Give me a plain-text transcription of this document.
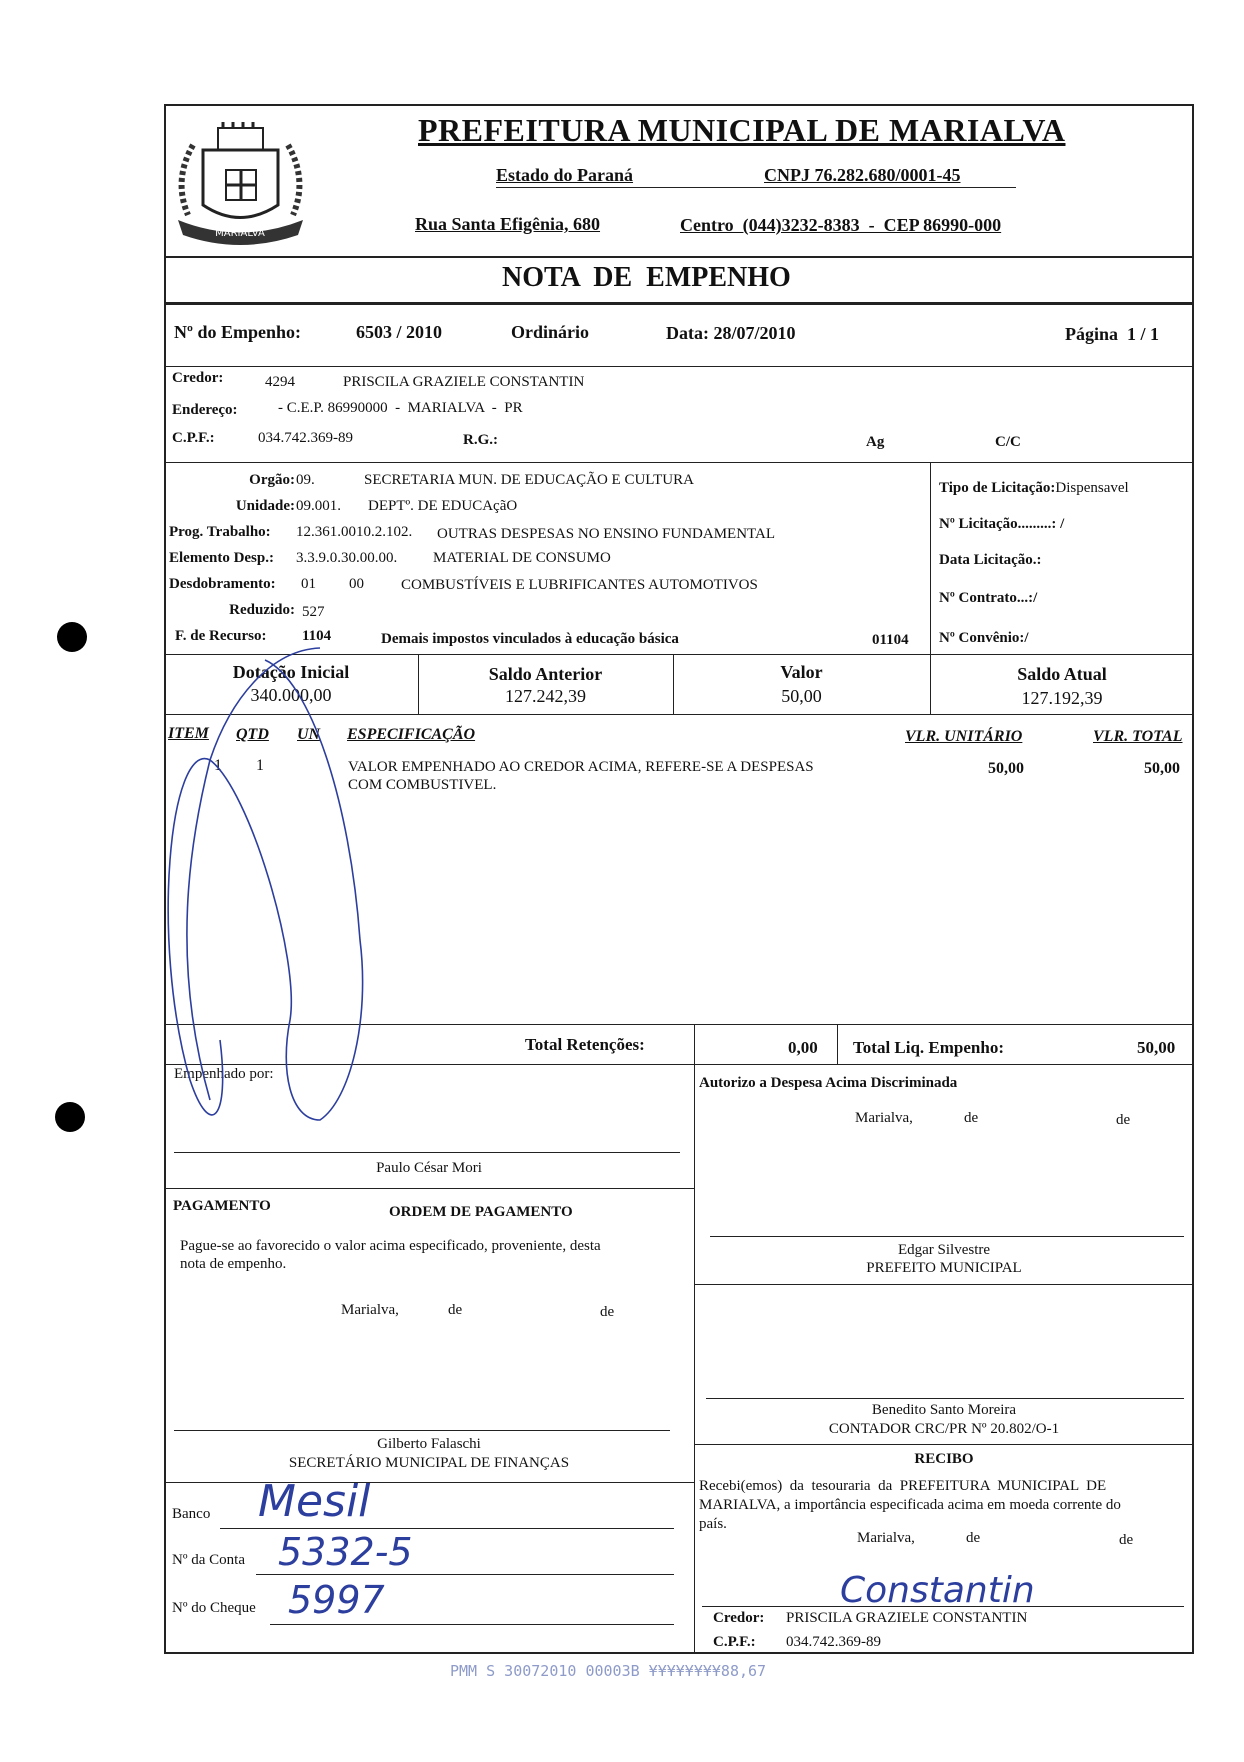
MARIALVA
PREFEITURA MUNICIPAL DE MARIALVA
Estado do Paraná	CNPJ 76.282.680/0001-45
Rua Santa Efigênia, 680	Centro  (044)3232-8383  -  CEP 86990-000
NOTA  DE  EMPENHO
Nº do Empenho:	6503 / 2010	Ordinário	Data: 28/07/2010	Página  1 / 1
Credor:	4294	PRISCILA GRAZIELE CONSTANTIN
Endereço:	- C.E.P. 86990000  -  MARIALVA  -  PR
C.P.F.:	034.742.369-89	R.G.:	Ag	C/C
Orgão: 09.	SECRETARIA MUN. DE EDUCAÇÃO E CULTURA
Unidade: 09.001. DEPTº. DE EDUCAçãO
Prog. Trabalho: 12.361.0010.2.102. OUTRAS DESPESAS NO ENSINO FUNDAMENTAL
Elemento Desp.: 3.3.9.0.30.00.00. MATERIAL DE CONSUMO
Desdobramento: 01 00 COMBUSTÍVEIS E LUBRIFICANTES AUTOMOTIVOS
Reduzido: 527
F. de Recurso: 1104	Demais impostos vinculados à educação básica	01104
Tipo de Licitação:Dispensavel
Nº Licitação.........: /
Data Licitação.:
Nº Contrato...:/
Nº Convênio:/
Dotação Inicial
340.000,00
Saldo Anterior
127.242,39
Valor
50,00
Saldo Atual
127.192,39
ITEM QTD UN ESPECIFICAÇÃO	VLR. UNITÁRIO	VLR. TOTAL
1 1	VALOR EMPENHADO AO CREDOR ACIMA, REFERE-SE A DESPESAS
COM COMBUSTIVEL.
50,00	50,00
Total Retenções:	0,00 Total Liq. Empenho:	50,00
Empenhado por:
Paulo César Mori
PAGAMENTO	ORDEM DE PAGAMENTO
Pague-se ao favorecido o valor acima especificado, proveniente, desta
nota de empenho.
Marialva,	de	de
Gilberto Falaschi
SECRETÁRIO MUNICIPAL DE FINANÇAS
Banco Mesil
Nº da Conta 5332-5
Nº do Cheque 5997
Autorizo a Despesa Acima Discriminada
Marialva,	de	de
Edgar Silvestre
PREFEITO MUNICIPAL
Benedito Santo Moreira
CONTADOR CRC/PR Nº 20.802/O-1
RECIBO
Recebi(emos)  da  tesouraria  da  PREFEITURA  MUNICIPAL  DE
MARIALVA, a importância especificada acima em moeda corrente do
país.
Marialva,	de	de
Constantin
Credor: PRISCILA GRAZIELE CONSTANTIN
C.P.F.: 034.742.369-89
PMM S 30072010 00003B ¥¥¥¥¥¥¥¥88,67
